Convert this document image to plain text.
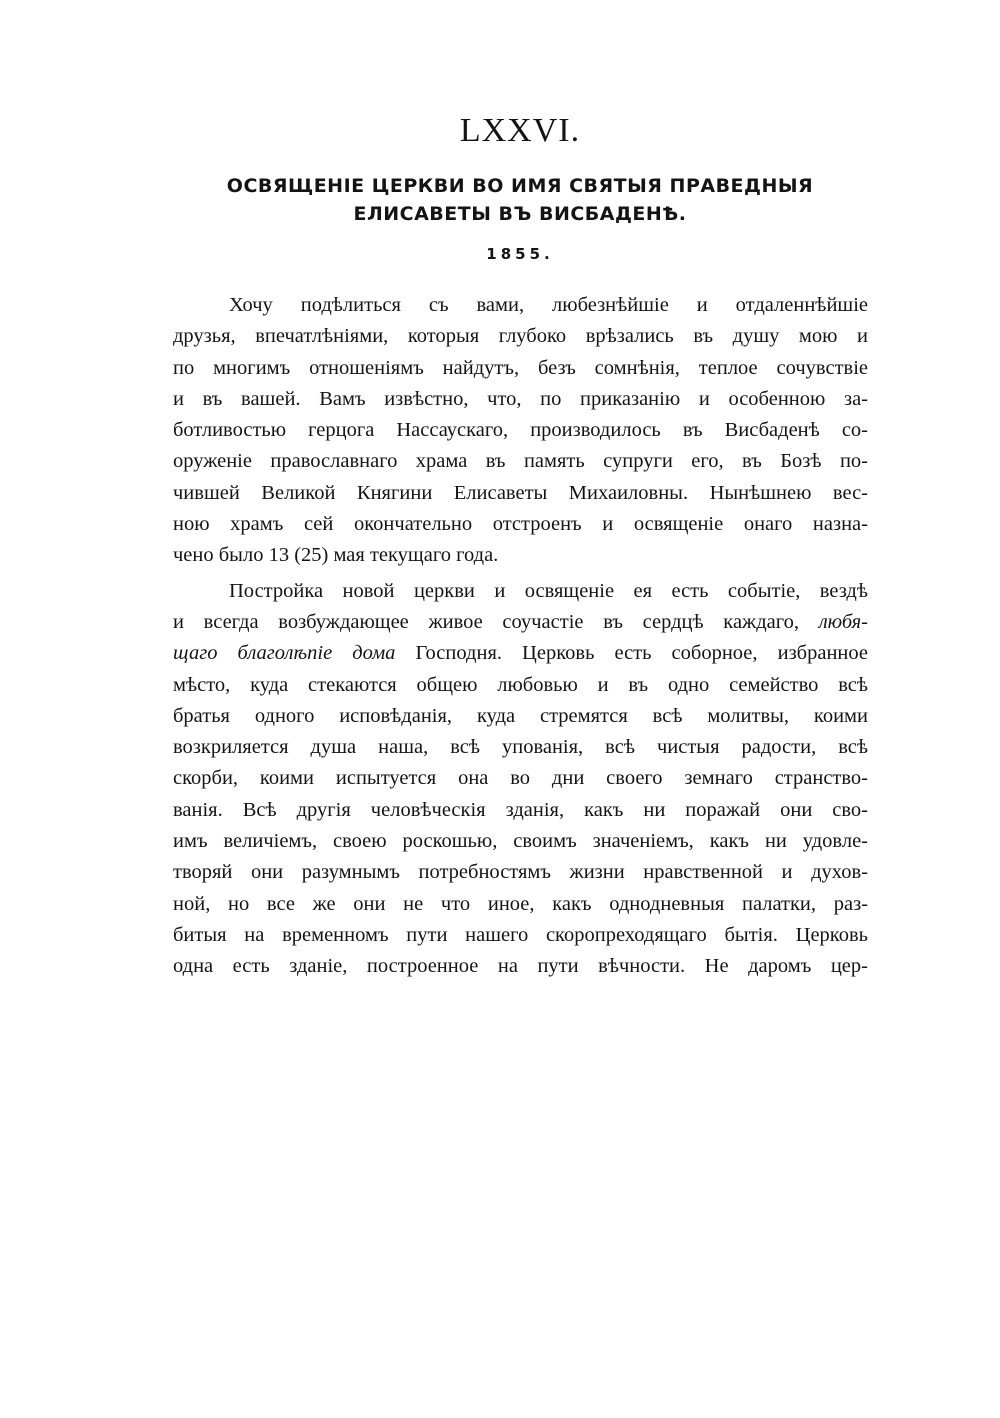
LXXVI.
ОСВЯЩЕНІЕ ЦЕРКВИ ВО ИМЯ СВЯТЫЯ ПРАВЕДНЫЯ
ЕЛИСАВЕТЫ ВЪ ВИСБАДЕНѢ.
1855.
Хочу подѣлиться съ вами, любезнѣйшіе и отдаленнѣйшіе
друзья, впечатлѣніями, которыя глубоко врѣзались въ душу мою и
по многимъ отношеніямъ найдутъ, безъ сомнѣнія, теплое сочувствіе
и въ вашей. Вамъ извѣстно, что, по приказанію и особенною за-
ботливостью герцога Нассаускаго, производилось въ Висбаденѣ со-
оруженіе православнаго храма въ память супруги его, въ Бозѣ по-
чившей Великой Княгини Елисаветы Михаиловны. Нынѣшнею вес-
ною храмъ сей окончательно отстроенъ и освященіе онаго назна-
чено было 13 (25) мая текущаго года.
Постройка новой церкви и освященіе ея есть событіе, вездѣ
и всегда возбуждающее живое соучастіе въ сердцѣ каждаго, любя-
щаго благолѣпіе дома Господня. Церковь есть соборное, избранное
мѣсто, куда стекаются общею любовью и въ одно семейство всѣ
братья одного исповѣданія, куда стремятся всѣ молитвы, коими
возкриляется душа наша, всѣ упованія, всѣ чистыя радости, всѣ
скорби, коими испытуется она во дни своего земнаго странство-
ванія. Всѣ другія человѣческія зданія, какъ ни поражай они сво-
имъ величіемъ, своею роскошью, своимъ значеніемъ, какъ ни удовле-
творяй они разумнымъ потребностямъ жизни нравственной и духов-
ной, но все же они не что иное, какъ однодневныя палатки, раз-
битыя на временномъ пути нашего скоропреходящаго бытія. Церковь
одна есть зданіе, построенное на пути вѣчности. Не даромъ цер-
